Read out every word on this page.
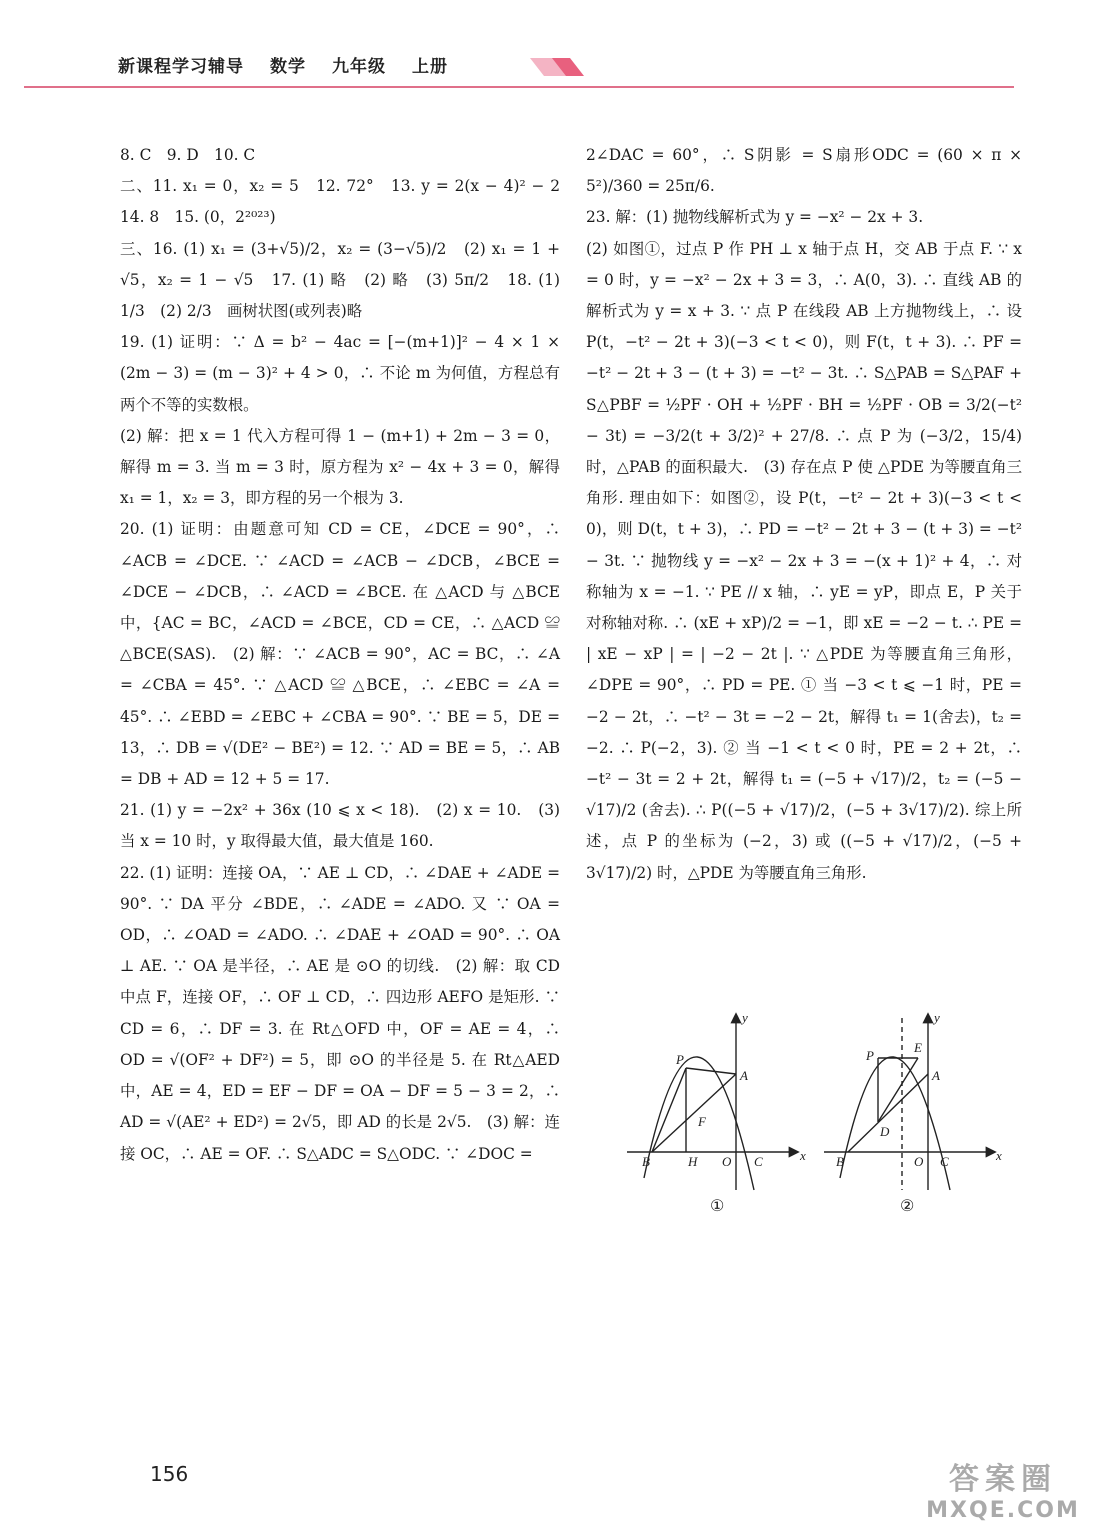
新课程学习辅导 数学 九年级 上册

8. C　9. D　10. C

二、11. x₁ = 0，x₂ = 5　12. 72°　13. y = 2(x − 4)² − 2　14. 8　15. (0，2²⁰²³)

三、16. (1) x₁ = (3+√5)/2，x₂ = (3−√5)/2　(2) x₁ = 1 + √5，x₂ = 1 − √5　17. (1) 略　(2) 略　(3) 5π/2　18. (1) 1/3　(2) 2/3　画树状图(或列表)略

19. (1) 证明：∵ Δ = b² − 4ac = [−(m+1)]² − 4 × 1 × (2m − 3) = (m − 3)² + 4 > 0，∴ 不论 m 为何值，方程总有两个不等的实数根。

(2) 解：把 x = 1 代入方程可得 1 − (m+1) + 2m − 3 = 0，解得 m = 3. 当 m = 3 时，原方程为 x² − 4x + 3 = 0，解得 x₁ = 1，x₂ = 3，即方程的另一个根为 3.

20. (1) 证明：由题意可知 CD = CE，∠DCE = 90°，∴ ∠ACB = ∠DCE. ∵ ∠ACD = ∠ACB − ∠DCB，∠BCE = ∠DCE − ∠DCB，∴ ∠ACD = ∠BCE. 在 △ACD 与 △BCE 中，{AC = BC，∠ACD = ∠BCE，CD = CE，∴ △ACD ≌ △BCE(SAS).　(2) 解：∵ ∠ACB = 90°，AC = BC，∴ ∠A = ∠CBA = 45°. ∵ △ACD ≌ △BCE，∴ ∠EBC = ∠A = 45°. ∴ ∠EBD = ∠EBC + ∠CBA = 90°. ∵ BE = 5，DE = 13，∴ DB = √(DE² − BE²) = 12. ∵ AD = BE = 5，∴ AB = DB + AD = 12 + 5 = 17.

21. (1) y = −2x² + 36x (10 ⩽ x < 18).　(2) x = 10.　(3) 当 x = 10 时，y 取得最大值，最大值是 160.

22. (1) 证明：连接 OA，∵ AE ⊥ CD，∴ ∠DAE + ∠ADE = 90°. ∵ DA 平分 ∠BDE，∴ ∠ADE = ∠ADO. 又 ∵ OA = OD，∴ ∠OAD = ∠ADO. ∴ ∠DAE + ∠OAD = 90°. ∴ OA ⊥ AE. ∵ OA 是半径，∴ AE 是 ⊙O 的切线.　(2) 解：取 CD 中点 F，连接 OF，∴ OF ⊥ CD，∴ 四边形 AEFO 是矩形. ∵ CD = 6，∴ DF = 3. 在 Rt△OFD 中，OF = AE = 4，∴ OD = √(OF² + DF²) = 5，即 ⊙O 的半径是 5. 在 Rt△AED 中，AE = 4，ED = EF − DF = OA − DF = 5 − 3 = 2，∴ AD = √(AE² + ED²) = 2√5，即 AD 的长是 2√5.　(3) 解：连接 OC，∴ AE = OF. ∴ S△ADC = S△ODC. ∵ ∠DOC =

2∠DAC = 60°，∴ S阴影 = S扇形ODC = (60 × π × 5²)/360 = 25π/6.

23. 解：(1) 抛物线解析式为 y = −x² − 2x + 3.

(2) 如图①，过点 P 作 PH ⊥ x 轴于点 H，交 AB 于点 F. ∵ x = 0 时，y = −x² − 2x + 3 = 3，∴ A(0，3). ∴ 直线 AB 的解析式为 y = x + 3. ∵ 点 P 在线段 AB 上方抛物线上，∴ 设 P(t，−t² − 2t + 3)(−3 < t < 0)，则 F(t，t + 3). ∴ PF = −t² − 2t + 3 − (t + 3) = −t² − 3t. ∴ S△PAB = S△PAF + S△PBF = ½PF · OH + ½PF · BH = ½PF · OB = 3/2(−t² − 3t) = −3/2(t + 3/2)² + 27/8. ∴ 点 P 为 (−3/2，15/4) 时，△PAB 的面积最大.　(3) 存在点 P 使 △PDE 为等腰直角三角形. 理由如下：如图②，设 P(t，−t² − 2t + 3)(−3 < t < 0)，则 D(t，t + 3)，∴ PD = −t² − 2t + 3 − (t + 3) = −t² − 3t. ∵ 抛物线 y = −x² − 2x + 3 = −(x + 1)² + 4，∴ 对称轴为 x = −1. ∵ PE // x 轴，∴ yE = yP，即点 E，P 关于对称轴对称. ∴ (xE + xP)/2 = −1，即 xE = −2 − t. ∴ PE = | xE − xP | = | −2 − 2t |. ∵ △PDE 为等腰直角三角形，∠DPE = 90°，∴ PD = PE. ① 当 −3 < t ⩽ −1 时，PE = −2 − 2t，∴ −t² − 3t = −2 − 2t，解得 t₁ = 1(舍去)，t₂ = −2. ∴ P(−2，3). ② 当 −1 < t < 0 时，PE = 2 + 2t，∴ −t² − 3t = 2 + 2t，解得 t₁ = (−5 + √17)/2，t₂ = (−5 − √17)/2 (舍去). ∴ P((−5 + √17)/2，(−5 + 3√17)/2). 综上所述，点 P 的坐标为 (−2，3) 或 ((−5 + √17)/2，(−5 + 3√17)/2) 时，△PDE 为等腰直角三角形.

x
y
P
A
F
B	H O C	x
y
P
E
A
D
B	O C
①	②
156	答案圈
MXQE.COM
